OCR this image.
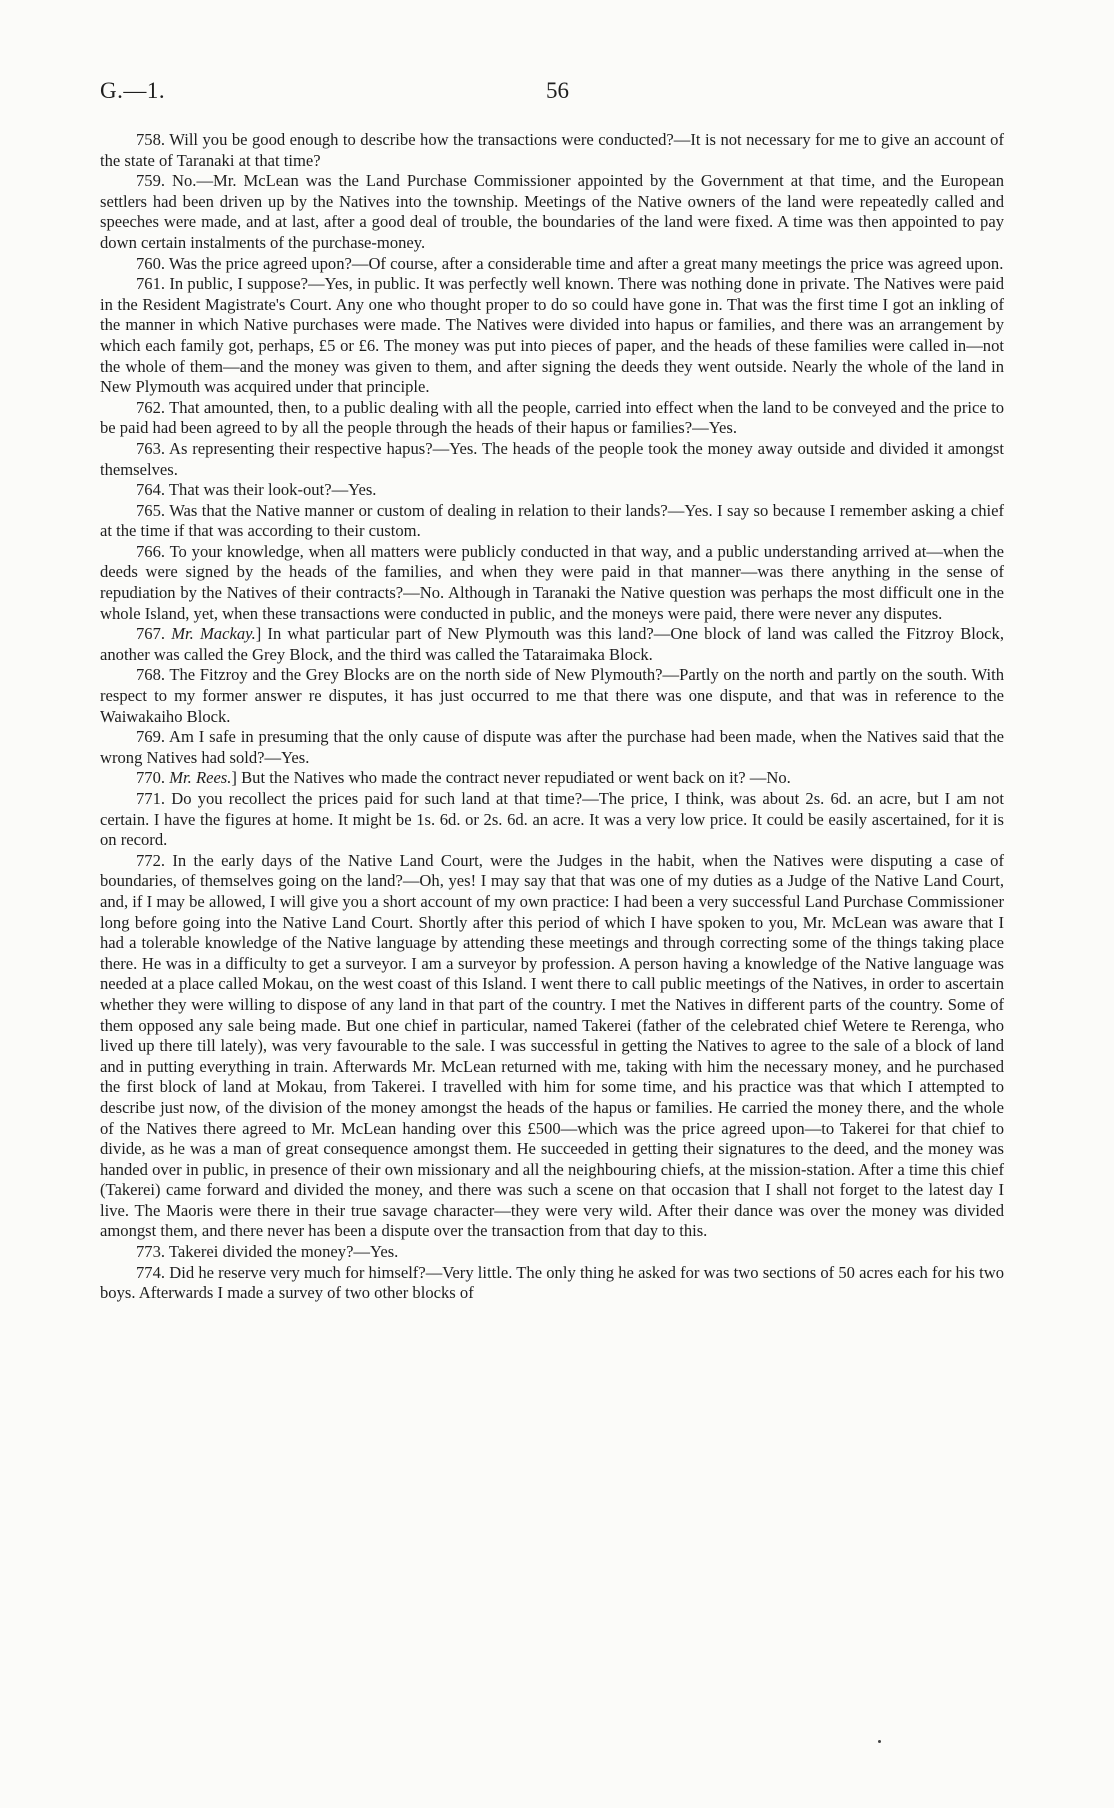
G.—1.	56

758. Will you be good enough to describe how the transactions were conducted?—It is not necessary for me to give an account of the state of Taranaki at that time?

759. No.—Mr. McLean was the Land Purchase Commissioner appointed by the Government at that time, and the European settlers had been driven up by the Natives into the township. Meetings of the Native owners of the land were repeatedly called and speeches were made, and at last, after a good deal of trouble, the boundaries of the land were fixed. A time was then appointed to pay down certain instalments of the purchase-money.

760. Was the price agreed upon?—Of course, after a considerable time and after a great many meetings the price was agreed upon.

761. In public, I suppose?—Yes, in public. It was perfectly well known. There was nothing done in private. The Natives were paid in the Resident Magistrate's Court. Any one who thought proper to do so could have gone in. That was the first time I got an inkling of the manner in which Native purchases were made. The Natives were divided into hapus or families, and there was an arrangement by which each family got, perhaps, £5 or £6. The money was put into pieces of paper, and the heads of these families were called in—not the whole of them—and the money was given to them, and after signing the deeds they went outside. Nearly the whole of the land in New Plymouth was acquired under that principle.

762. That amounted, then, to a public dealing with all the people, carried into effect when the land to be conveyed and the price to be paid had been agreed to by all the people through the heads of their hapus or families?—Yes.

763. As representing their respective hapus?—Yes. The heads of the people took the money away outside and divided it amongst themselves.

764. That was their look-out?—Yes.

765. Was that the Native manner or custom of dealing in relation to their lands?—Yes. I say so because I remember asking a chief at the time if that was according to their custom.

766. To your knowledge, when all matters were publicly conducted in that way, and a public understanding arrived at—when the deeds were signed by the heads of the families, and when they were paid in that manner—was there anything in the sense of repudiation by the Natives of their contracts?—No. Although in Taranaki the Native question was perhaps the most difficult one in the whole Island, yet, when these transactions were conducted in public, and the moneys were paid, there were never any disputes.

767. Mr. Mackay.] In what particular part of New Plymouth was this land?—One block of land was called the Fitzroy Block, another was called the Grey Block, and the third was called the Tataraimaka Block.

768. The Fitzroy and the Grey Blocks are on the north side of New Plymouth?—Partly on the north and partly on the south. With respect to my former answer re disputes, it has just occurred to me that there was one dispute, and that was in reference to the Waiwakaiho Block.

769. Am I safe in presuming that the only cause of dispute was after the purchase had been made, when the Natives said that the wrong Natives had sold?—Yes.

770. Mr. Rees.] But the Natives who made the contract never repudiated or went back on it? —No.

771. Do you recollect the prices paid for such land at that time?—The price, I think, was about 2s. 6d. an acre, but I am not certain. I have the figures at home. It might be 1s. 6d. or 2s. 6d. an acre. It was a very low price. It could be easily ascertained, for it is on record.

772. In the early days of the Native Land Court, were the Judges in the habit, when the Natives were disputing a case of boundaries, of themselves going on the land?—Oh, yes! I may say that that was one of my duties as a Judge of the Native Land Court, and, if I may be allowed, I will give you a short account of my own practice: I had been a very successful Land Purchase Commissioner long before going into the Native Land Court. Shortly after this period of which I have spoken to you, Mr. McLean was aware that I had a tolerable knowledge of the Native language by attending these meetings and through correcting some of the things taking place there. He was in a difficulty to get a surveyor. I am a surveyor by profession. A person having a knowledge of the Native language was needed at a place called Mokau, on the west coast of this Island. I went there to call public meetings of the Natives, in order to ascertain whether they were willing to dispose of any land in that part of the country. I met the Natives in different parts of the country. Some of them opposed any sale being made. But one chief in particular, named Takerei (father of the celebrated chief Wetere te Rerenga, who lived up there till lately), was very favourable to the sale. I was successful in getting the Natives to agree to the sale of a block of land and in putting everything in train. Afterwards Mr. McLean returned with me, taking with him the necessary money, and he purchased the first block of land at Mokau, from Takerei. I travelled with him for some time, and his practice was that which I attempted to describe just now, of the division of the money amongst the heads of the hapus or families. He carried the money there, and the whole of the Natives there agreed to Mr. McLean handing over this £500—which was the price agreed upon—to Takerei for that chief to divide, as he was a man of great consequence amongst them. He succeeded in getting their signatures to the deed, and the money was handed over in public, in presence of their own missionary and all the neighbouring chiefs, at the mission-station. After a time this chief (Takerei) came forward and divided the money, and there was such a scene on that occasion that I shall not forget to the latest day I live. The Maoris were there in their true savage character—they were very wild. After their dance was over the money was divided amongst them, and there never has been a dispute over the transaction from that day to this.

773. Takerei divided the money?—Yes.

774. Did he reserve very much for himself?—Very little. The only thing he asked for was two sections of 50 acres each for his two boys. Afterwards I made a survey of two other blocks of
